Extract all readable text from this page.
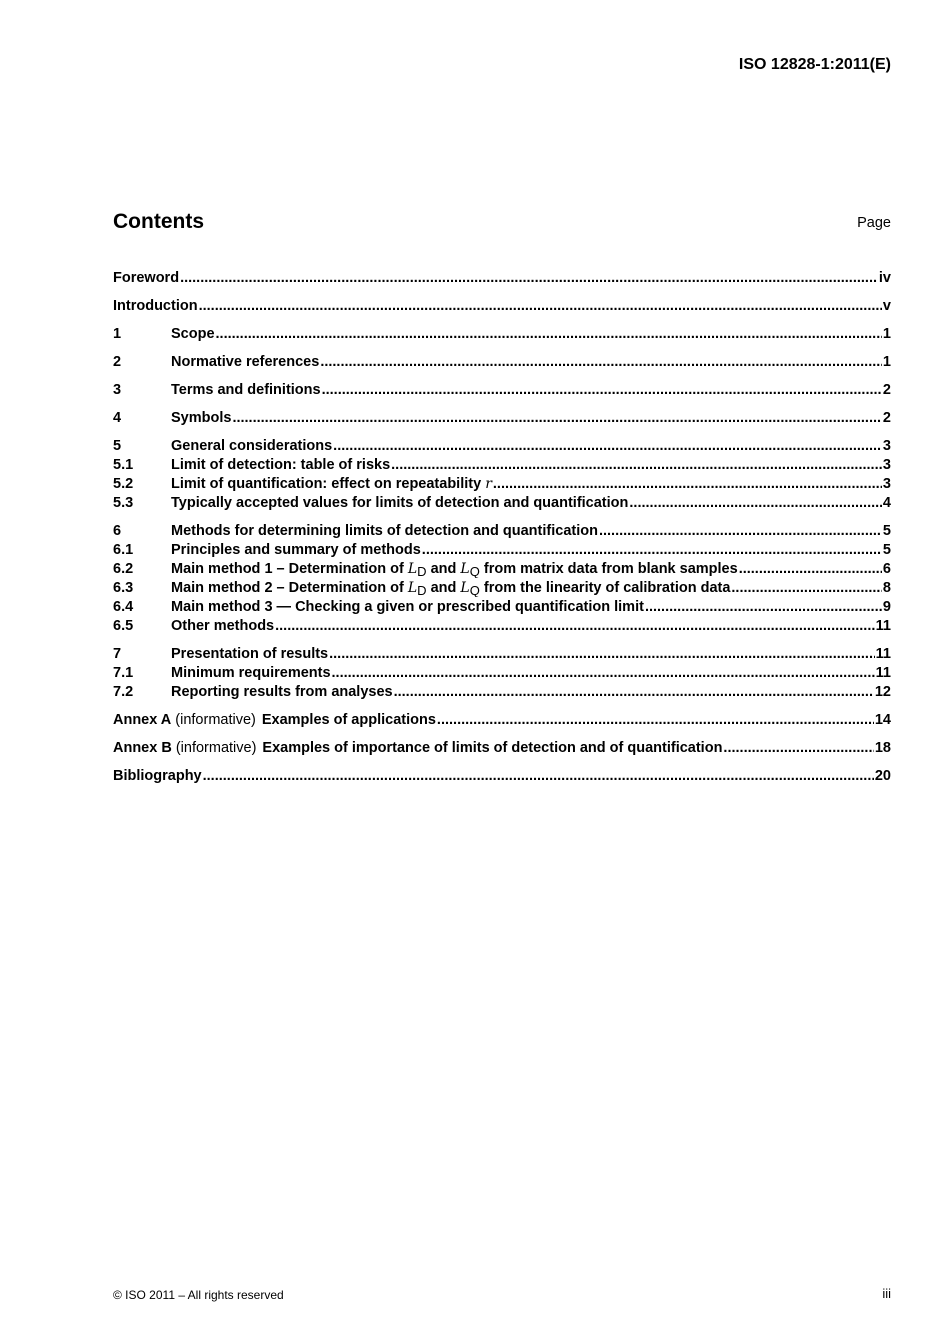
ISO 12828-1:2011(E)
Contents	Page
Foreword .....	iv
Introduction .....	v
1	Scope .....	1
2	Normative references .....	1
3	Terms and definitions .....	2
4	Symbols .....	2
5	General considerations .....	3
5.1	Limit of detection: table of risks .....	3
5.2	Limit of quantification: effect on repeatability r .....	3
5.3	Typically accepted values for limits of detection and quantification .....	4
6	Methods for determining limits of detection and quantification .....	5
6.1	Principles and summary of methods .....	5
6.2	Main method 1 – Determination of $L_D$ and $L_Q$ from matrix data from blank samples .....	6
6.3	Main method 2 – Determination of $L_D$ and $L_Q$ from the linearity of calibration data .....	8
6.4	Main method 3 — Checking a given or prescribed quantification limit .....	9
6.5	Other methods .....	11
7	Presentation of results .....	11
7.1	Minimum requirements .....	11
7.2	Reporting results from analyses .....	12
Annex A (informative) Examples of applications .....	14
Annex B (informative) Examples of importance of limits of detection and of quantification .....	18
Bibliography .....	20
© ISO 2011 – All rights reserved	iii
